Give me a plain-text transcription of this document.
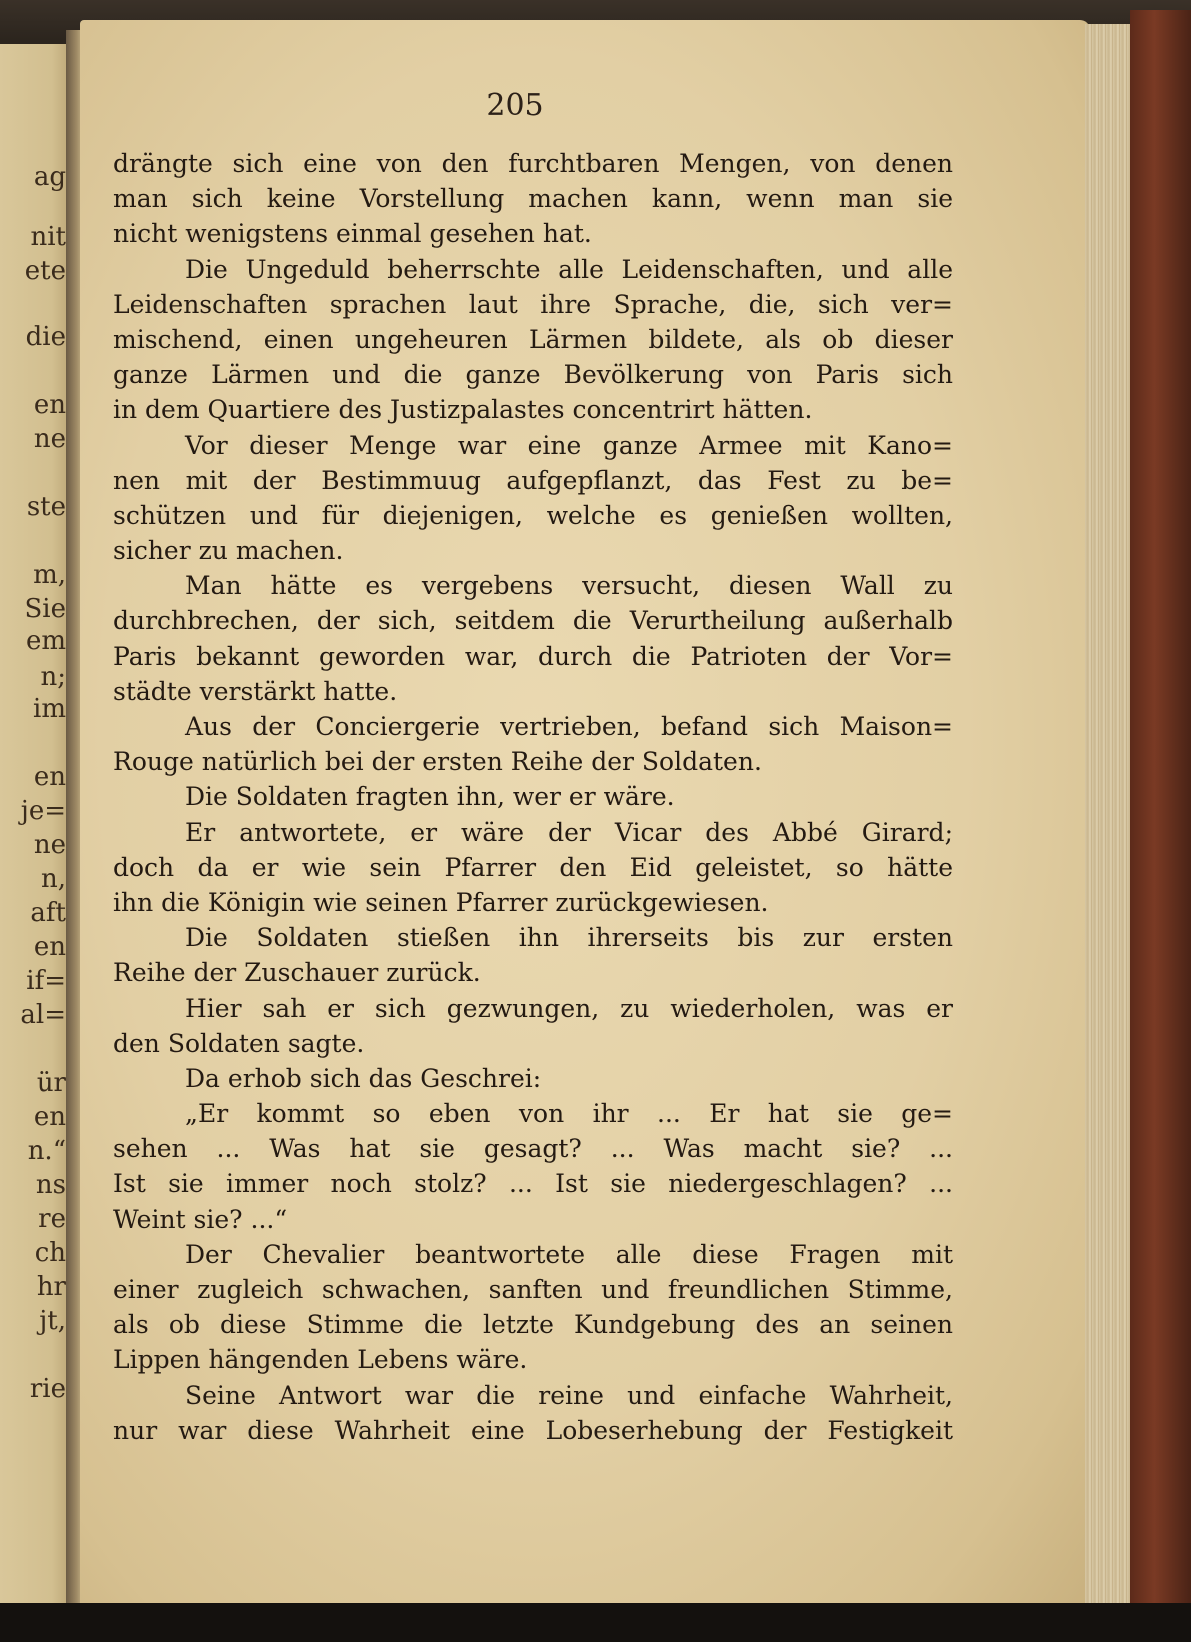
ag
nit
ete
die
en
ne
ste
m,
Sie
em
n;
im
en
je=
ne
n,
aft
en
if=
al=
ür
en
n.“
ns
re
ch
hr
jt,
rie
205
drängte sich eine von den furchtbaren Mengen, von denen
man sich keine Vorstellung machen kann, wenn man sie
nicht wenigstens einmal gesehen hat.
Die Ungeduld beherrschte alle Leidenschaften, und alle
Leidenschaften sprachen laut ihre Sprache, die, sich ver=
mischend, einen ungeheuren Lärmen bildete, als ob dieser
ganze Lärmen und die ganze Bevölkerung von Paris sich
in dem Quartiere des Justizpalastes concentrirt hätten.
Vor dieser Menge war eine ganze Armee mit Kano=
nen mit der Bestimmuug aufgepflanzt, das Fest zu be=
schützen und für diejenigen, welche es genießen wollten,
sicher zu machen.
Man hätte es vergebens versucht, diesen Wall zu
durchbrechen, der sich, seitdem die Verurtheilung außerhalb
Paris bekannt geworden war, durch die Patrioten der Vor=
städte verstärkt hatte.
Aus der Conciergerie vertrieben, befand sich Maison=
Rouge natürlich bei der ersten Reihe der Soldaten.
Die Soldaten fragten ihn, wer er wäre.
Er antwortete, er wäre der Vicar des Abbé Girard;
doch da er wie sein Pfarrer den Eid geleistet, so hätte
ihn die Königin wie seinen Pfarrer zurückgewiesen.
Die Soldaten stießen ihn ihrerseits bis zur ersten
Reihe der Zuschauer zurück.
Hier sah er sich gezwungen, zu wiederholen, was er
den Soldaten sagte.
Da erhob sich das Geschrei:
„Er kommt so eben von ihr ... Er hat sie ge=
sehen ... Was hat sie gesagt? ... Was macht sie? ...
Ist sie immer noch stolz? ... Ist sie niedergeschlagen? ...
Weint sie? ...“
Der Chevalier beantwortete alle diese Fragen mit
einer zugleich schwachen, sanften und freundlichen Stimme,
als ob diese Stimme die letzte Kundgebung des an seinen
Lippen hängenden Lebens wäre.
Seine Antwort war die reine und einfache Wahrheit,
nur war diese Wahrheit eine Lobeserhebung der Festigkeit
